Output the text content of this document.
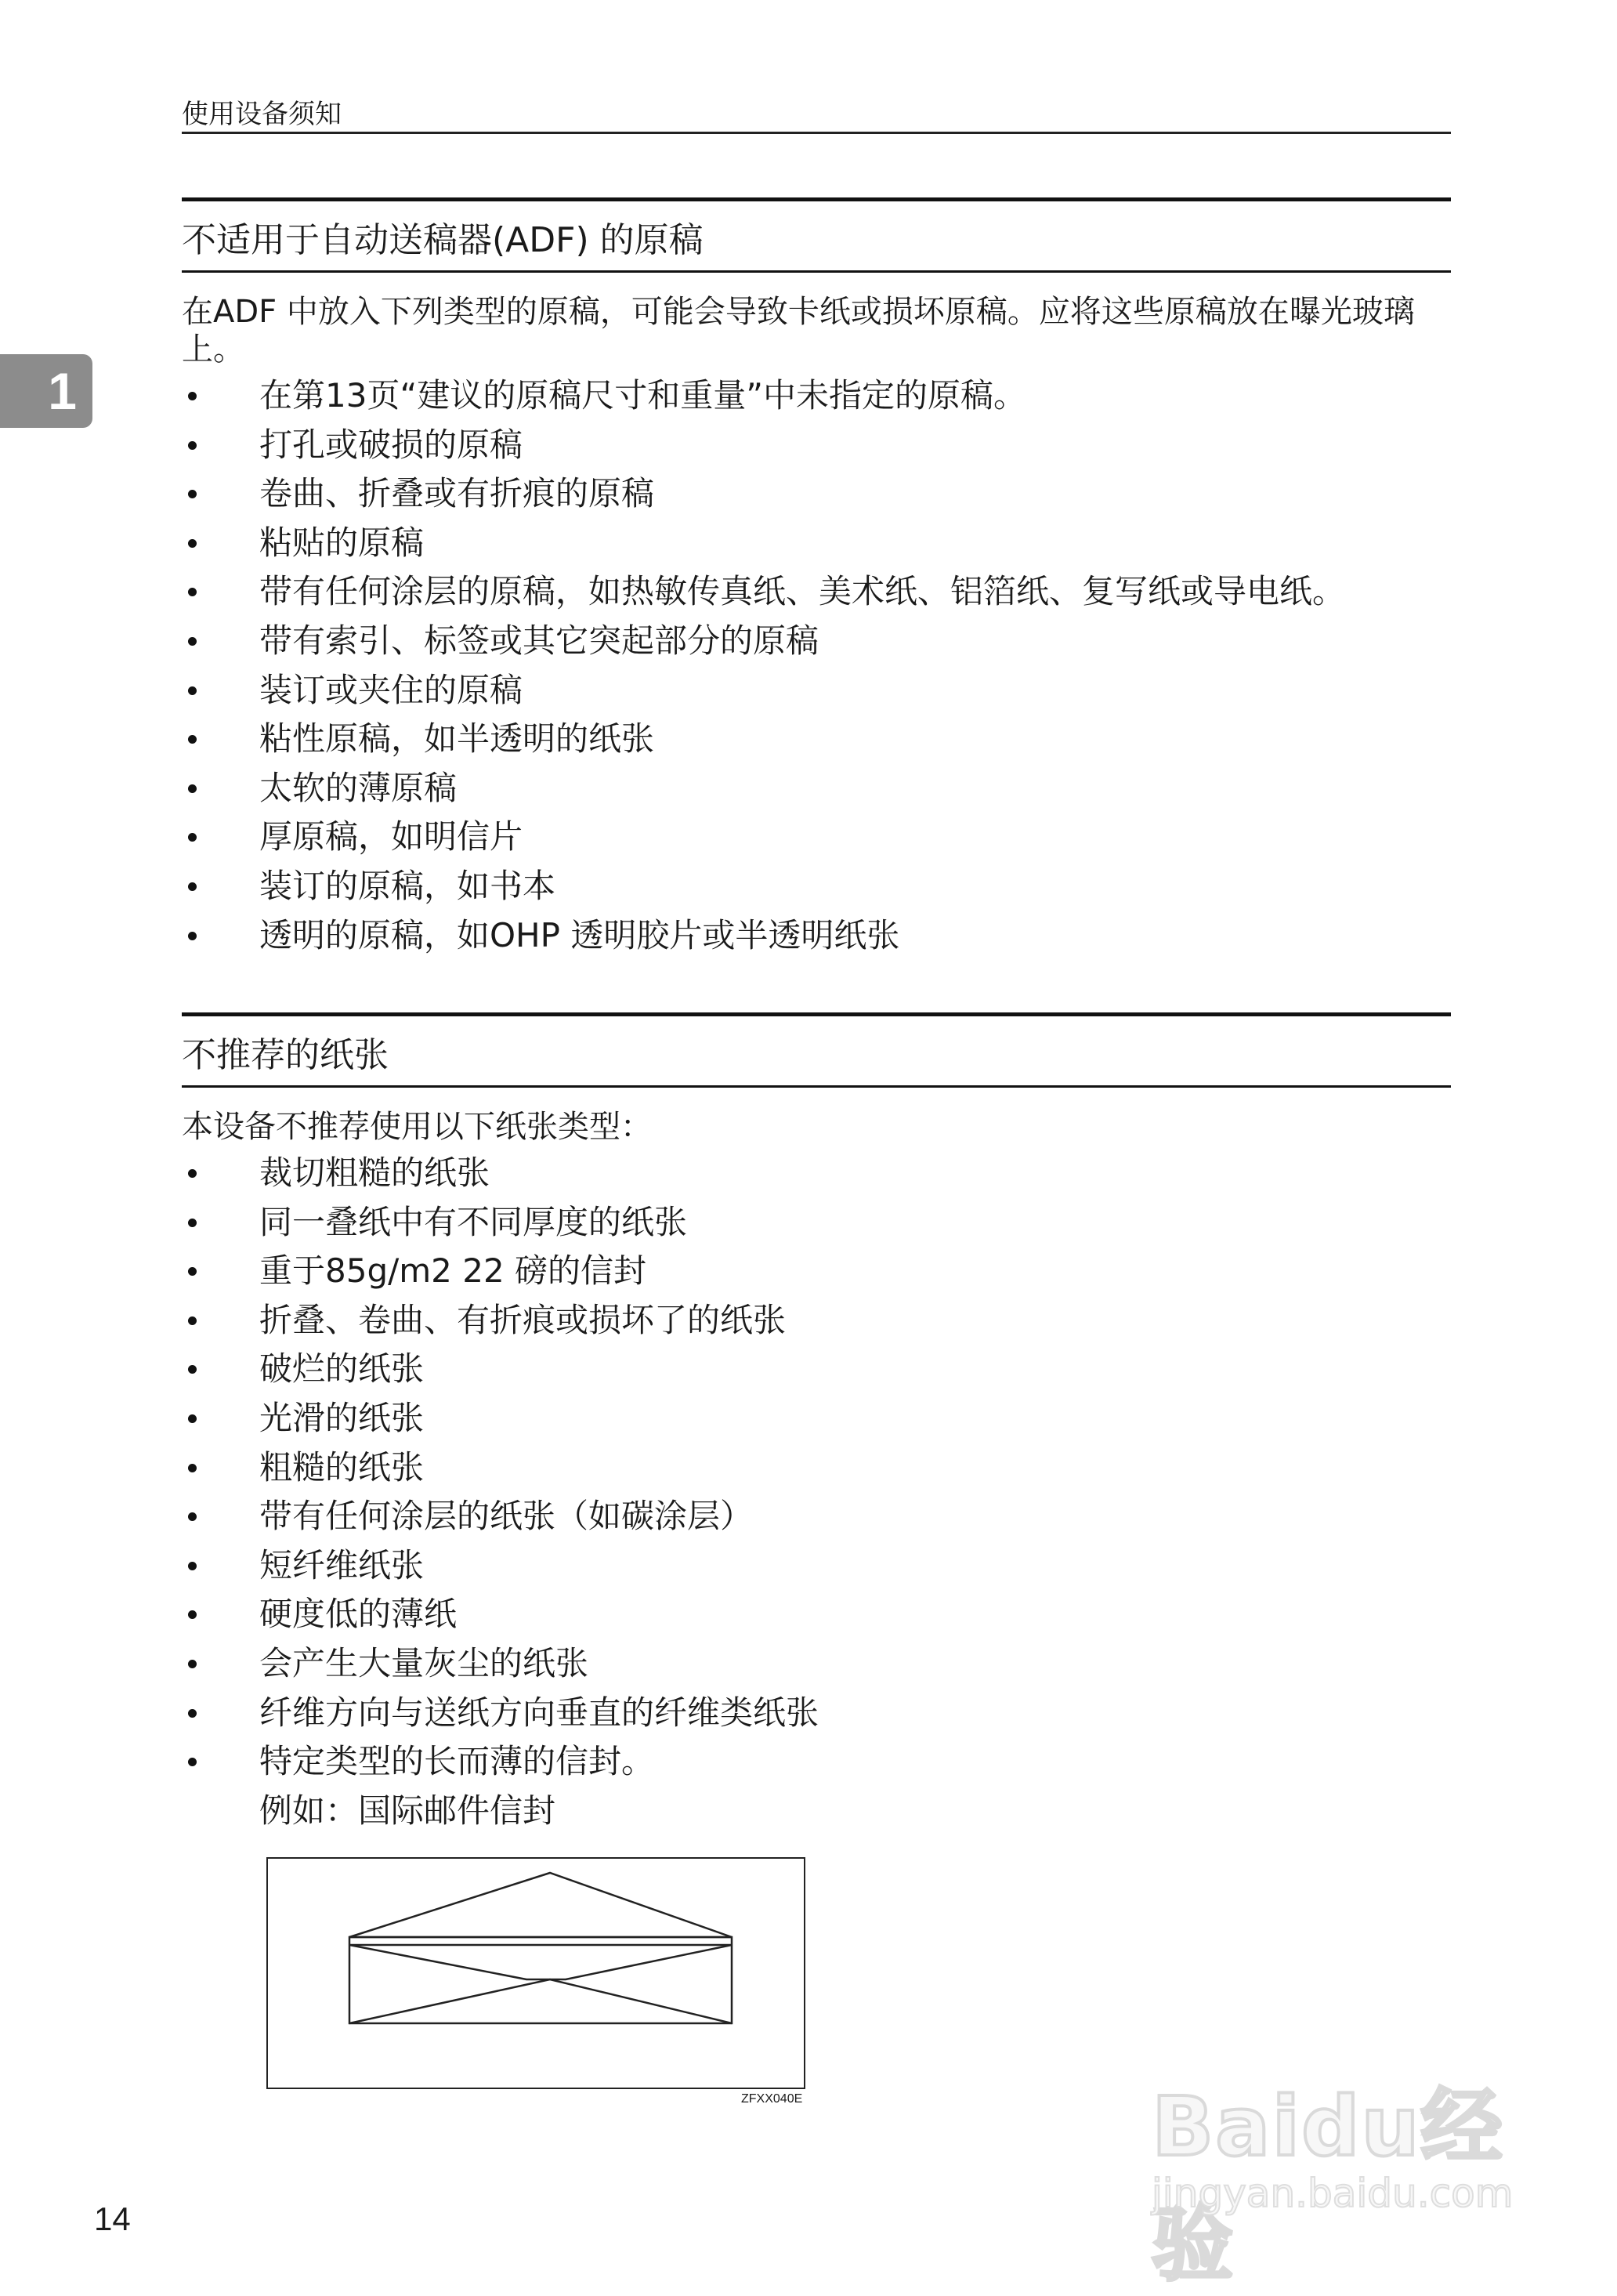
使用设备须知
1
不适用于自动送稿器(ADF) 的原稿
在ADF 中放入下列类型的原稿，可能会导致卡纸或损坏原稿。应将这些原稿放在曝光玻璃上。
在第13页“建议的原稿尺寸和重量”中未指定的原稿。
打孔或破损的原稿
卷曲、折叠或有折痕的原稿
粘贴的原稿
带有任何涂层的原稿，如热敏传真纸、美术纸、铝箔纸、复写纸或导电纸。
带有索引、标签或其它突起部分的原稿
装订或夹住的原稿
粘性原稿，如半透明的纸张
太软的薄原稿
厚原稿，如明信片
装订的原稿，如书本
透明的原稿，如OHP 透明胶片或半透明纸张
不推荐的纸张
本设备不推荐使用以下纸张类型：
裁切粗糙的纸张
同一叠纸中有不同厚度的纸张
重于85g/m2 22 磅的信封
折叠、卷曲、有折痕或损坏了的纸张
破烂的纸张
光滑的纸张
粗糙的纸张
带有任何涂层的纸张（如碳涂层）
短纤维纸张
硬度低的薄纸
会产生大量灰尘的纸张
纤维方向与送纸方向垂直的纤维类纸张
特定类型的长而薄的信封。
例如：国际邮件信封
ZFXX040E
14
Baidu经验
jingyan.baidu.com
